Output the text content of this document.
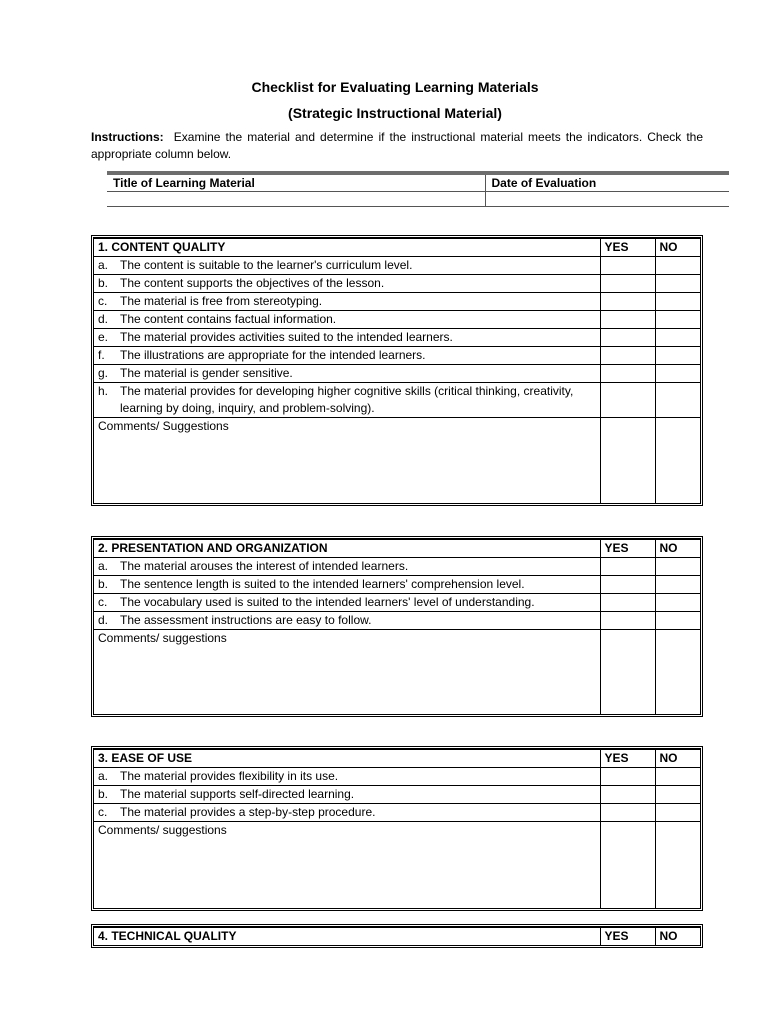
Checklist for Evaluating Learning Materials
(Strategic Instructional Material)
Instructions: Examine the material and determine if the instructional material meets the indicators. Check the appropriate column below.
Title of Learning Material	Date of Evaluation

1. CONTENT QUALITY	YES	NO
a. The content is suitable to the learner's curriculum level.		
b. The content supports the objectives of the lesson.		
c. The material is free from stereotyping.		
d. The content contains factual information.		
e. The material provides activities suited to the intended learners.		
f. The illustrations are appropriate for the intended learners.		
g. The material is gender sensitive.		
h. The material provides for developing higher cognitive skills (critical thinking, creativity, learning by doing, inquiry, and problem-solving).		
Comments/ Suggestions		
2. PRESENTATION AND ORGANIZATION	YES	NO
a. The material arouses the interest of intended learners.		
b. The sentence length is suited to the intended learners' comprehension level.		
c. The vocabulary used is suited to the intended learners' level of understanding.		
d. The assessment instructions are easy to follow.		
Comments/ suggestions		
3. EASE OF USE	YES	NO
a. The material provides flexibility in its use.		
b. The material supports self-directed learning.		
c. The material provides a step-by-step procedure.		
Comments/ suggestions		
4. TECHNICAL QUALITY	YES	NO
